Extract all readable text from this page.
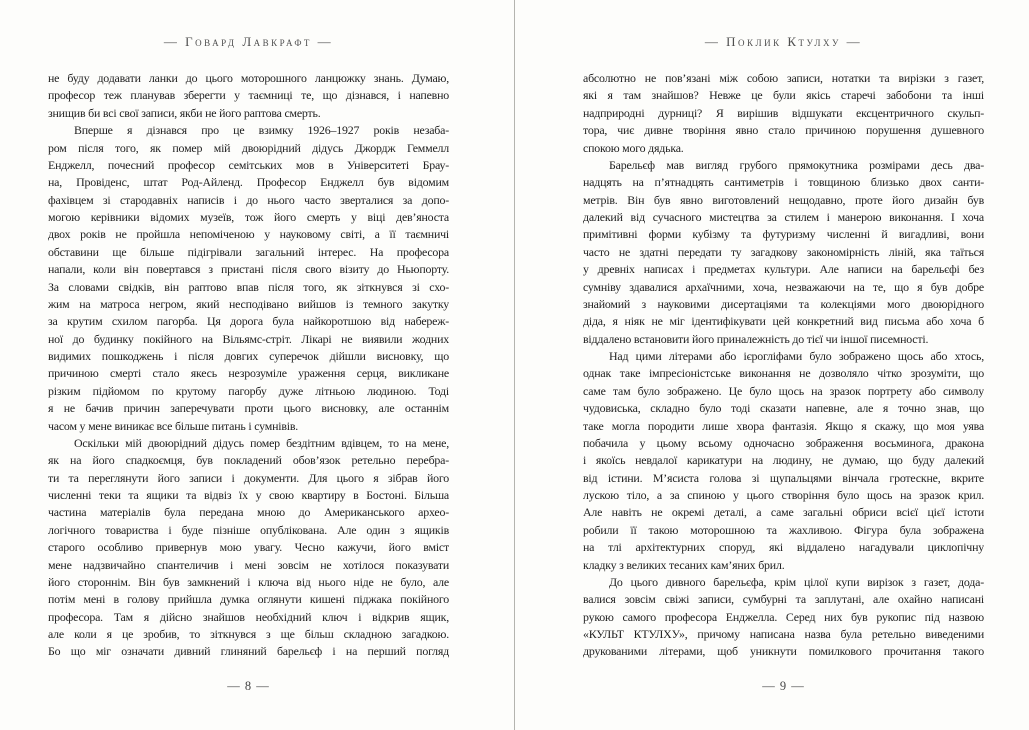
— Говард Лавкрафт —
не буду додавати ланки до цього моторошного ланцюжку знань. Думаю,
професор теж планував зберегти у таємниці те, що дізнався, і напевно
знищив би всі свої записи, якби не його раптова смерть.
Вперше я дізнався про це взимку 1926–1927 років незаба-
ром після того, як помер мій двоюрідний дідусь Джордж Геммелл
Енджелл, почесний професор семітських мов в Університеті Брау-
на, Провіденс, штат Род-Айленд. Професор Енджелл був відомим
фахівцем зі стародавніх написів і до нього часто зверталися за допо-
могою керівники відомих музеїв, тож його смерть у віці дев’яноста
двох років не пройшла непоміченою у науковому світі, а її таємничі
обставини ще більше підігрівали загальний інтерес. На професора
напали, коли він повертався з пристані після свого візиту до Ньюпорту.
За словами свідків, він раптово впав після того, як зіткнувся зі схо-
жим на матроса негром, який несподівано вийшов із темного закутку
за крутим схилом пагорба. Ця дорога була найкоротшою від набереж-
ної до будинку покійного на Вільямс-стріт. Лікарі не виявили жодних
видимих пошкоджень і після довгих суперечок дійшли висновку, що
причиною смерті стало якесь незрозуміле ураження серця, викликане
різким підйомом по крутому пагорбу дуже літньою людиною. Тоді
я не бачив причин заперечувати проти цього висновку, але останнім
часом у мене виникає все більше питань і сумнівів.
Оскільки мій двоюрідний дідусь помер бездітним вдівцем, то на мене,
як на його спадкоємця, був покладений обов’язок ретельно перебра-
ти та переглянути його записи і документи. Для цього я зібрав його
численні теки та ящики та відвіз їх у свою квартиру в Бостоні. Більша
частина матеріалів була передана мною до Американського архео-
логічного товариства і буде пізніше опублікована. Але один з ящиків
старого особливо привернув мою увагу. Чесно кажучи, його вміст
мене надзвичайно спантеличив і мені зовсім не хотілося показувати
його стороннім. Він був замкнений і ключа від нього ніде не було, але
потім мені в голову прийшла думка оглянути кишені піджака покійного
професора. Там я дійсно знайшов необхідний ключ і відкрив ящик,
але коли я це зробив, то зіткнувся з ще більш складною загадкою.
Бо що міг означати дивний глиняний барельєф і на перший погляд
— 8 —
— Поклик Ктулху —
абсолютно не пов’язані між собою записи, нотатки та вирізки з газет,
які я там знайшов? Невже це були якісь старечі забобони та інші
надприродні дурниці? Я вирішив відшукати ексцентричного скульп-
тора, чиє дивне творіння явно стало причиною порушення душевного
спокою мого дядька.
Барельєф мав вигляд грубого прямокутника розмірами десь два-
надцять на п’ятнадцять сантиметрів і товщиною близько двох санти-
метрів. Він був явно виготовлений нещодавно, проте його дизайн був
далекий від сучасного мистецтва за стилем і манерою виконання. І хоча
примітивні форми кубізму та футуризму численні й вигадливі, вони
часто не здатні передати ту загадкову закономірність ліній, яка таїться
у древніх написах і предметах культури. Але написи на барельєфі без
сумніву здавалися архаїчними, хоча, незважаючи на те, що я був добре
знайомий з науковими дисертаціями та колекціями мого двоюрідного
діда, я ніяк не міг ідентифікувати цей конкретний вид письма або хоча б
віддалено встановити його приналежність до тієї чи іншої писемності.
Над цими літерами або ієрогліфами було зображено щось або хтось,
однак таке імпресіоністське виконання не дозволяло чітко зрозуміти, що
саме там було зображено. Це було щось на зразок портрету або символу
чудовиська, складно було тоді сказати напевне, але я точно знав, що
таке могла породити лише хвора фантазія. Якщо я скажу, що моя уява
побачила у цьому всьому одночасно зображення восьминога, дракона
і якоїсь невдалої карикатури на людину, не думаю, що буду далекий
від істини. М’ясиста голова зі щупальцями вінчала гротескне, вкрите
лускою тіло, а за спиною у цього створіння було щось на зразок крил.
Але навіть не окремі деталі, а саме загальні обриси всієї цієї істоти
робили її такою моторошною та жахливою. Фігура була зображена
на тлі архітектурних споруд, які віддалено нагадували циклопічну
кладку з великих тесаних кам’яних брил.
До цього дивного барельєфа, крім цілої купи вирізок з газет, дода-
валися зовсім свіжі записи, сумбурні та заплутані, але охайно написані
рукою самого професора Енджелла. Серед них був рукопис під назвою
«КУЛЬТ КТУЛХУ», причому написана назва була ретельно виведеними
друкованими літерами, щоб уникнути помилкового прочитання такого
— 9 —
